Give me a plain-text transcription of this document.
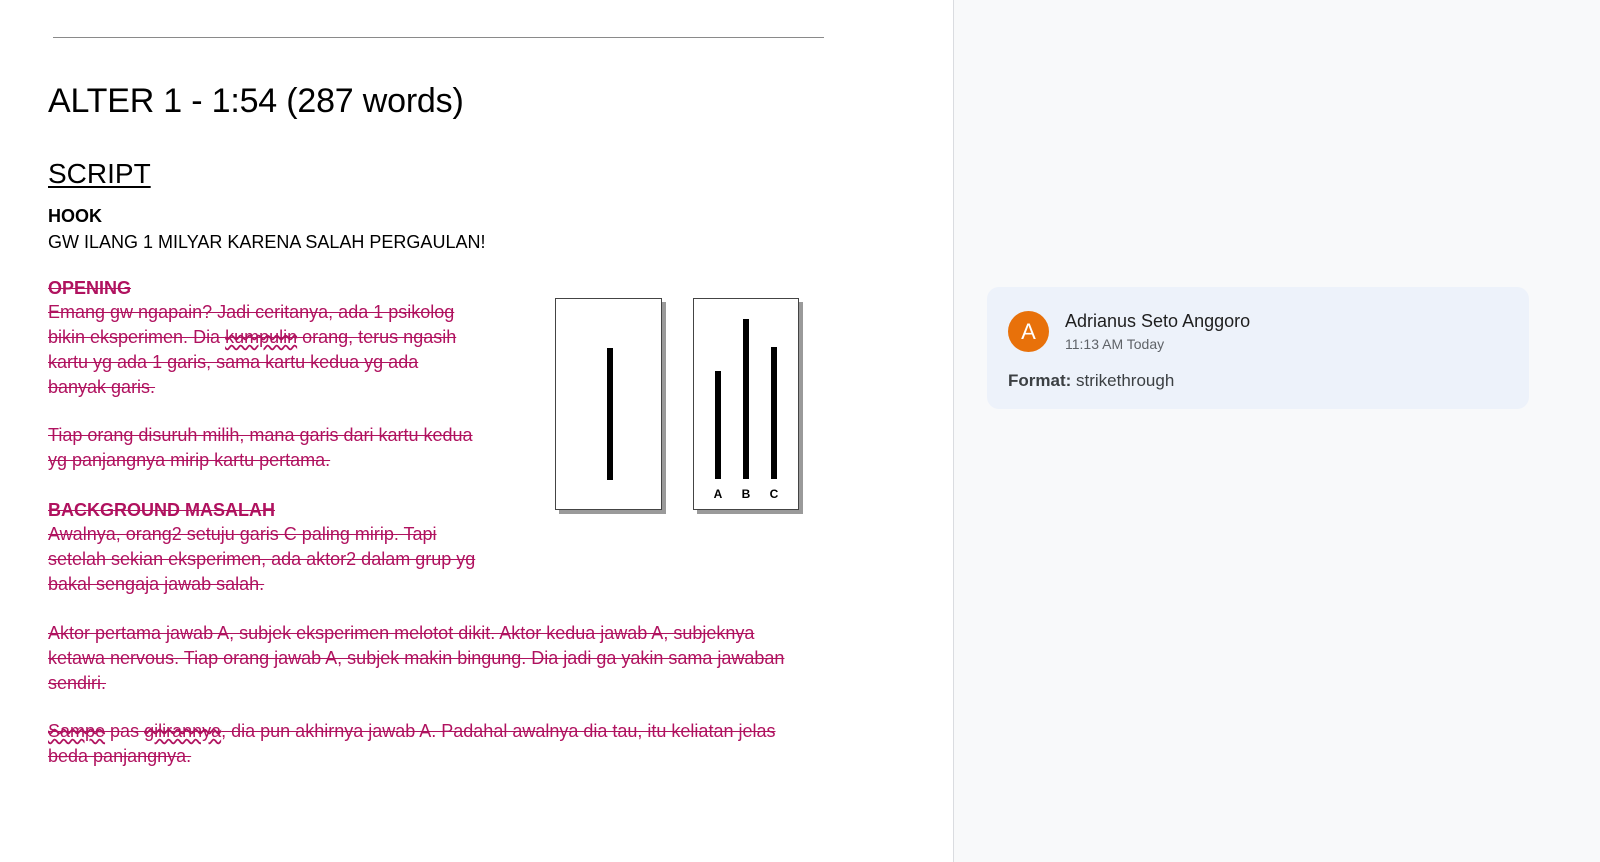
ALTER 1 - 1:54 (287 words)
SCRIPT
HOOK
GW ILANG 1 MILYAR KARENA SALAH PERGAULAN!
OPENING
Emang gw ngapain? Jadi ceritanya, ada 1 psikolog
bikin eksperimen. Dia kumpulin orang, terus ngasih
kartu yg ada 1 garis, sama kartu kedua yg ada
banyak garis.
Tiap orang disuruh milih, mana garis dari kartu kedua
yg panjangnya mirip kartu pertama.
BACKGROUND MASALAH
Awalnya, orang2 setuju garis C paling mirip. Tapi
setelah sekian eksperimen, ada aktor2 dalam grup yg
bakal sengaja jawab salah.
Aktor pertama jawab A, subjek eksperimen melotot dikit. Aktor kedua jawab A, subjeknya
ketawa nervous. Tiap orang jawab A, subjek makin bingung. Dia jadi ga yakin sama jawaban
sendiri.
Sampe pas gilirannya, dia pun akhirnya jawab A. Padahal awalnya dia tau, itu keliatan jelas
beda panjangnya.
A B C
A	Adrianus Seto Anggoro
11:13 AM Today
Format: strikethrough
